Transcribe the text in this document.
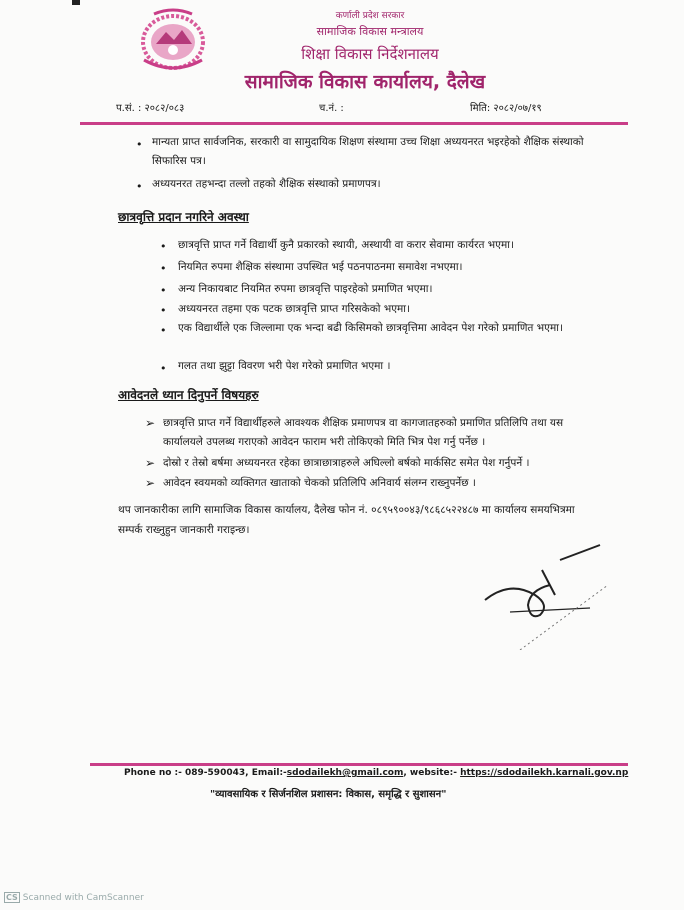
कर्णाली प्रदेश सरकार
सामाजिक विकास मन्त्रालय
शिक्षा विकास निर्देशनालय
सामाजिक विकास कार्यालय, दैलेख
प.सं. : २०८२/०८३	च.नं. :	मिति: २०८२/०७/१९
• मान्यता प्राप्त सार्वजनिक, सरकारी वा सामुदायिक शिक्षण संस्थामा उच्च शिक्षा अध्ययनरत भइरहेको शैक्षिक संस्थाको सिफारिस पत्र।
• अध्ययनरत तहभन्दा तल्लो तहको शैक्षिक संस्थाको प्रमाणपत्र।
छात्रवृत्ति प्रदान नगरिने अवस्था
• छात्रवृत्ति प्राप्त गर्ने विद्यार्थी कुनै प्रकारको स्थायी, अस्थायी वा करार सेवामा कार्यरत भएमा।
• नियमित रुपमा शैक्षिक संस्थामा उपस्थित भई पठनपाठनमा समावेश नभएमा।
• अन्य निकायबाट नियमित रुपमा छात्रवृत्ति पाइरहेको प्रमाणित भएमा।
• अध्ययनरत तहमा एक पटक छात्रवृत्ति प्राप्त गरिसकेको भएमा।
• एक विद्यार्थीले एक जिल्लामा एक भन्दा बढी किसिमको छात्रवृत्तिमा आवेदन पेश गरेको प्रमाणित भएमा।
• गलत तथा झुट्टा विवरण भरी पेश गरेको प्रमाणित भएमा ।
आवेदनले ध्यान दिनुपर्ने विषयहरु
➢ छात्रवृत्ति प्राप्त गर्ने विद्यार्थीहरुले आवश्यक शैक्षिक प्रमाणपत्र वा कागजातहरुको प्रमाणित प्रतिलिपि तथा यस कार्यालयले उपलब्ध गराएको आवेदन फाराम भरी तोकिएको मिति भित्र पेश गर्नु पर्नेछ ।
➢ दोस्रो र तेस्रो बर्षमा अध्ययनरत रहेका छात्राछात्राहरुले अघिल्लो बर्षको मार्कसिट समेत पेश गर्नुपर्ने ।
➢ आवेदन स्वयमको व्यक्तिगत खाताको चेकको प्रतिलिपि अनिवार्य संलग्न राख्नुपर्नेछ ।
थप जानकारीका लागि सामाजिक विकास कार्यालय, दैलेख फोन नं. ०८९५९००४३/९८६८५२२४८७ मा कार्यालय समयभित्रमा सम्पर्क राख्नुहुन जानकारी गराइन्छ।
Phone no :- 089-590043, Email:-sdodailekh@gmail.com, website:- https://sdodailekh.karnali.gov.np
"व्यावसायिक र सिर्जनशिल प्रशासन: विकास, समृद्धि र सुशासन"
CS Scanned with CamScanner
